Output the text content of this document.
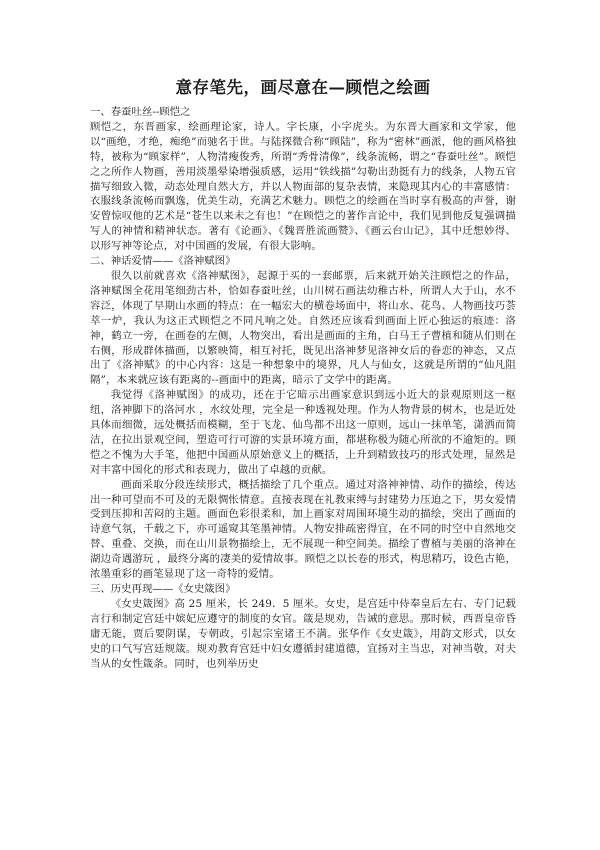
意存笔先，画尽意在—顾恺之绘画
一、春蚕吐丝--顾恺之

顾恺之，东晋画家，绘画理论家，诗人。字长康，小字虎头。为东晋大画家和文学家，他以“画绝，才绝，痴绝”而驰名于世。与陆探微合称“顾陆”，称为“密林”画派，他的画风格独特，被称为“顾家样”，人物清瘦俊秀，所谓“秀骨清像”，线条流畅，谓之“春蚕吐丝”。顾恺之之所作人物画，善用淡墨晕染增强质感，运用“铁线描”勾勒出劲挺有力的线条，人物五官描写细致入微，动态处理自然大方，并以人物面部的复杂表情，来隐现其内心的丰富感情：衣服线条流畅而飘逸，优美生动，充满艺术魅力。顾恺之的绘画在当时享有极高的声誉，谢安曾惊叹他的艺术是“苍生以来未之有也！”在顾恺之的著作言论中，我们见到他反复强调描写人的神情和精神状态。著有《论画》、《魏晋胜流画赞》、《画云台山记》，其中迁想妙得、以形写神等论点，对中国画的发展，有很大影响。

二、神话爱情——《洛神赋图》

很久以前就喜欢《洛神赋图》，起源于买的一套邮票，后来就开始关注顾恺之的作品，洛神赋图全花用笔细劲古朴，恰如春蚕吐丝，山川树石画法幼稚古朴，所谓人大于山，水不容泛，体现了早期山水画的特点：在一幅宏大的横卷场面中，将山水、花鸟、人物画技巧荟萃一炉，我认为这正式顾恺之不同凡响之处。自然还应该看到画面上匠心独运的痕迹：洛神，鹤立一旁，在画卷的左侧，人物突出，看出是画面的主角，白马王子曹植和随从们则在右侧，形成群体描画，以繁映简，相互衬托，既见出洛神梦见洛神女后的眷恋的神态，又点出了《洛神赋》的中心内容：这是一种想象中的境界，凡人与仙女，这就是所谓的“仙凡阻隔”，本来就应该有距离的--画面中的距离，暗示了文学中的距离。

我觉得《洛神赋图》的成功，还在于它暗示出画家意识到远小近大的景观原则这一枢纽，洛神脚下的洛河水 ，水纹处理，完全是一种透视处理。作为人物背景的树木，也是近处具体而细微，远处概括而模糊，至于飞龙、仙鸟都不出这一原则，远山一抹单笔，潇洒而简洁，在拉出景观空间，塑造可行可游的实景环境方面，都堪称极为随心所欲的不逾矩的。顾恺之不愧为大手笔，他把中国画从原始意义上的概括，上升到精致技巧的形式处理，显然是对丰富中国化的形式和表现力，做出了卓越的贡献。

画面采取分段连续形式，概括描绘了几个重点。通过对洛神神情、动作的描绘，传达出一种可望而不可及的无限惆怅情意。直接表现在礼教束缚与封建势力压迫之下，男女爱情受到压抑和苦闷的主题。画面色彩很柔和，加上画家对周围环境生动的描绘，突出了画面的诗意气氛，千载之下，亦可遥窥其笔墨神情。人物安排疏密得宜，在不同的时空中自然地交替、重叠、交换，而在山川景物描绘上，无不展现一种空间美。描绘了曹植与美丽的洛神在湖边奇遇游玩 ，最终分离的凄美的爱情故事。顾恺之以长卷的形式，构思精巧，设色古艳，浓墨重彩的画笔显现了这一奇特的爱情。

三、历史再现——《女史箴图》

《女史箴图》高 25 厘米，长 249．5 厘米。女史，是宫廷中侍奉皇后左右、专门记载言行和制定宫廷中嫔妃应遵守的制度的女官。箴是规劝，告诫的意思。那时候，西晋皇帝昏庸无能，贾后要阴谋，专朝政，引起宗室诸王不满。张华作《女史箴》，用韵文形式，以女史的口气写宫廷规箴。规劝教育宫廷中妇女遵循封建道德，宜扬对主当忠，对神当敬，对夫当从的女性箴条。同时，也列举历史
